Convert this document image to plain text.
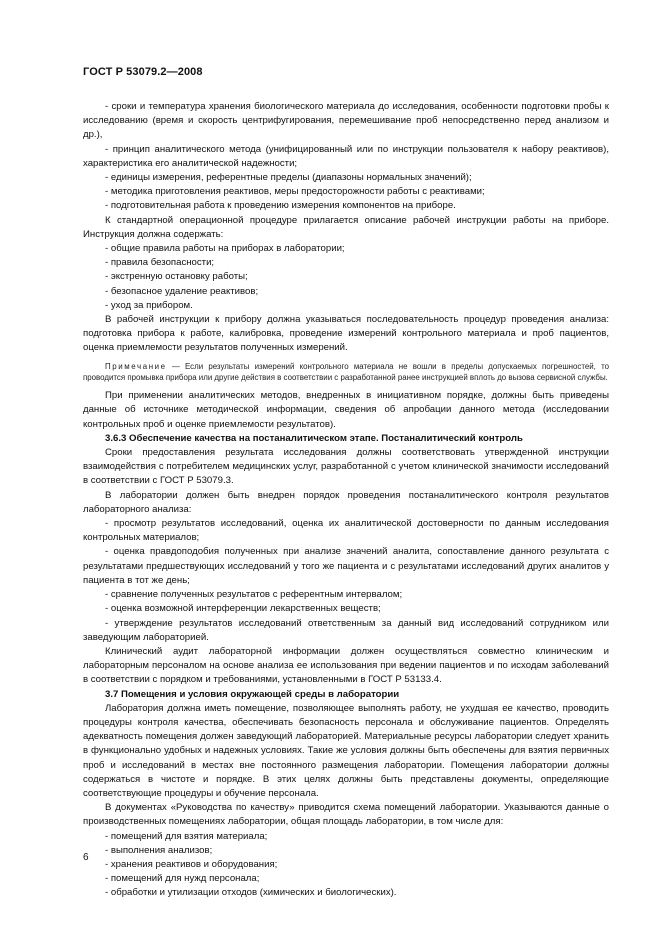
ГОСТ Р 53079.2—2008

- сроки и температура хранения биологического материала до исследования, особенности подготовки пробы к исследованию (время и скорость центрифугирования, перемешивание проб непосредственно перед анализом и др.),

- принцип аналитического метода (унифицированный или по инструкции пользователя к набору реактивов), характеристика его аналитической надежности;

- единицы измерения, референтные пределы (диапазоны нормальных значений);

- методика приготовления реактивов, меры предосторожности работы с реактивами;

- подготовительная работа к проведению измерения компонентов на приборе.

К стандартной операционной процедуре прилагается описание рабочей инструкции работы на приборе. Инструкция должна содержать:

- общие правила работы на приборах в лаборатории;

- правила безопасности;

- экстренную остановку работы;

- безопасное удаление реактивов;

- уход за прибором.

В рабочей инструкции к прибору должна указываться последовательность процедур проведения анализа: подготовка прибора к работе, калибровка, проведение измерений контрольного материала и проб пациентов, оценка приемлемости результатов полученных измерений.

Примечание — Если результаты измерений контрольного материала не вошли в пределы допускаемых погрешностей, то проводится промывка прибора или другие действия в соответствии с разработанной ранее инструкцией вплоть до вызова сервисной службы.

При применении аналитических методов, внедренных в инициативном порядке, должны быть приведены данные об источнике методической информации, сведения об апробации данного метода (исследовании контрольных проб и оценке приемлемости результатов).

3.6.3 Обеспечение качества на постаналитическом этапе. Постаналитический контроль

Сроки предоставления результата исследования должны соответствовать утвержденной инструкции взаимодействия с потребителем медицинских услуг, разработанной с учетом клинической значимости исследований в соответствии с ГОСТ Р 53079.3.

В лаборатории должен быть внедрен порядок проведения постаналитического контроля результатов лабораторного анализа:

- просмотр результатов исследований, оценка их аналитической достоверности по данным исследования контрольных материалов;

- оценка правдоподобия полученных при анализе значений аналита, сопоставление данного результата с результатами предшествующих исследований у того же пациента и с результатами исследований других аналитов у пациента в тот же день;

- сравнение полученных результатов с референтным интервалом;

- оценка возможной интерференции лекарственных веществ;

- утверждение результатов исследований ответственным за данный вид исследований сотрудником или заведующим лабораторией.

Клинический аудит лабораторной информации должен осуществляться совместно клиническим и лабораторным персоналом на основе анализа ее использования при ведении пациентов и по исходам заболеваний в соответствии с порядком и требованиями, установленными в ГОСТ Р 53133.4.

3.7 Помещения и условия окружающей среды в лаборатории

Лаборатория должна иметь помещение, позволяющее выполнять работу, не ухудшая ее качество, проводить процедуры контроля качества, обеспечивать безопасность персонала и обслуживание пациентов. Определять адекватность помещения должен заведующий лабораторией. Материальные ресурсы лаборатории следует хранить в функционально удобных и надежных условиях. Такие же условия должны быть обеспечены для взятия первичных проб и исследований в местах вне постоянного размещения лаборатории. Помещения лаборатории должны содержаться в чистоте и порядке. В этих целях должны быть представлены документы, определяющие соответствующие процедуры и обучение персонала.

В документах «Руководства по качеству» приводится схема помещений лаборатории. Указываются данные о производственных помещениях лаборатории, общая площадь лаборатории, в том числе для:

- помещений для взятия материала;

- выполнения анализов;

- хранения реактивов и оборудования;

- помещений для нужд персонала;

- обработки и утилизации отходов (химических и биологических).

6
